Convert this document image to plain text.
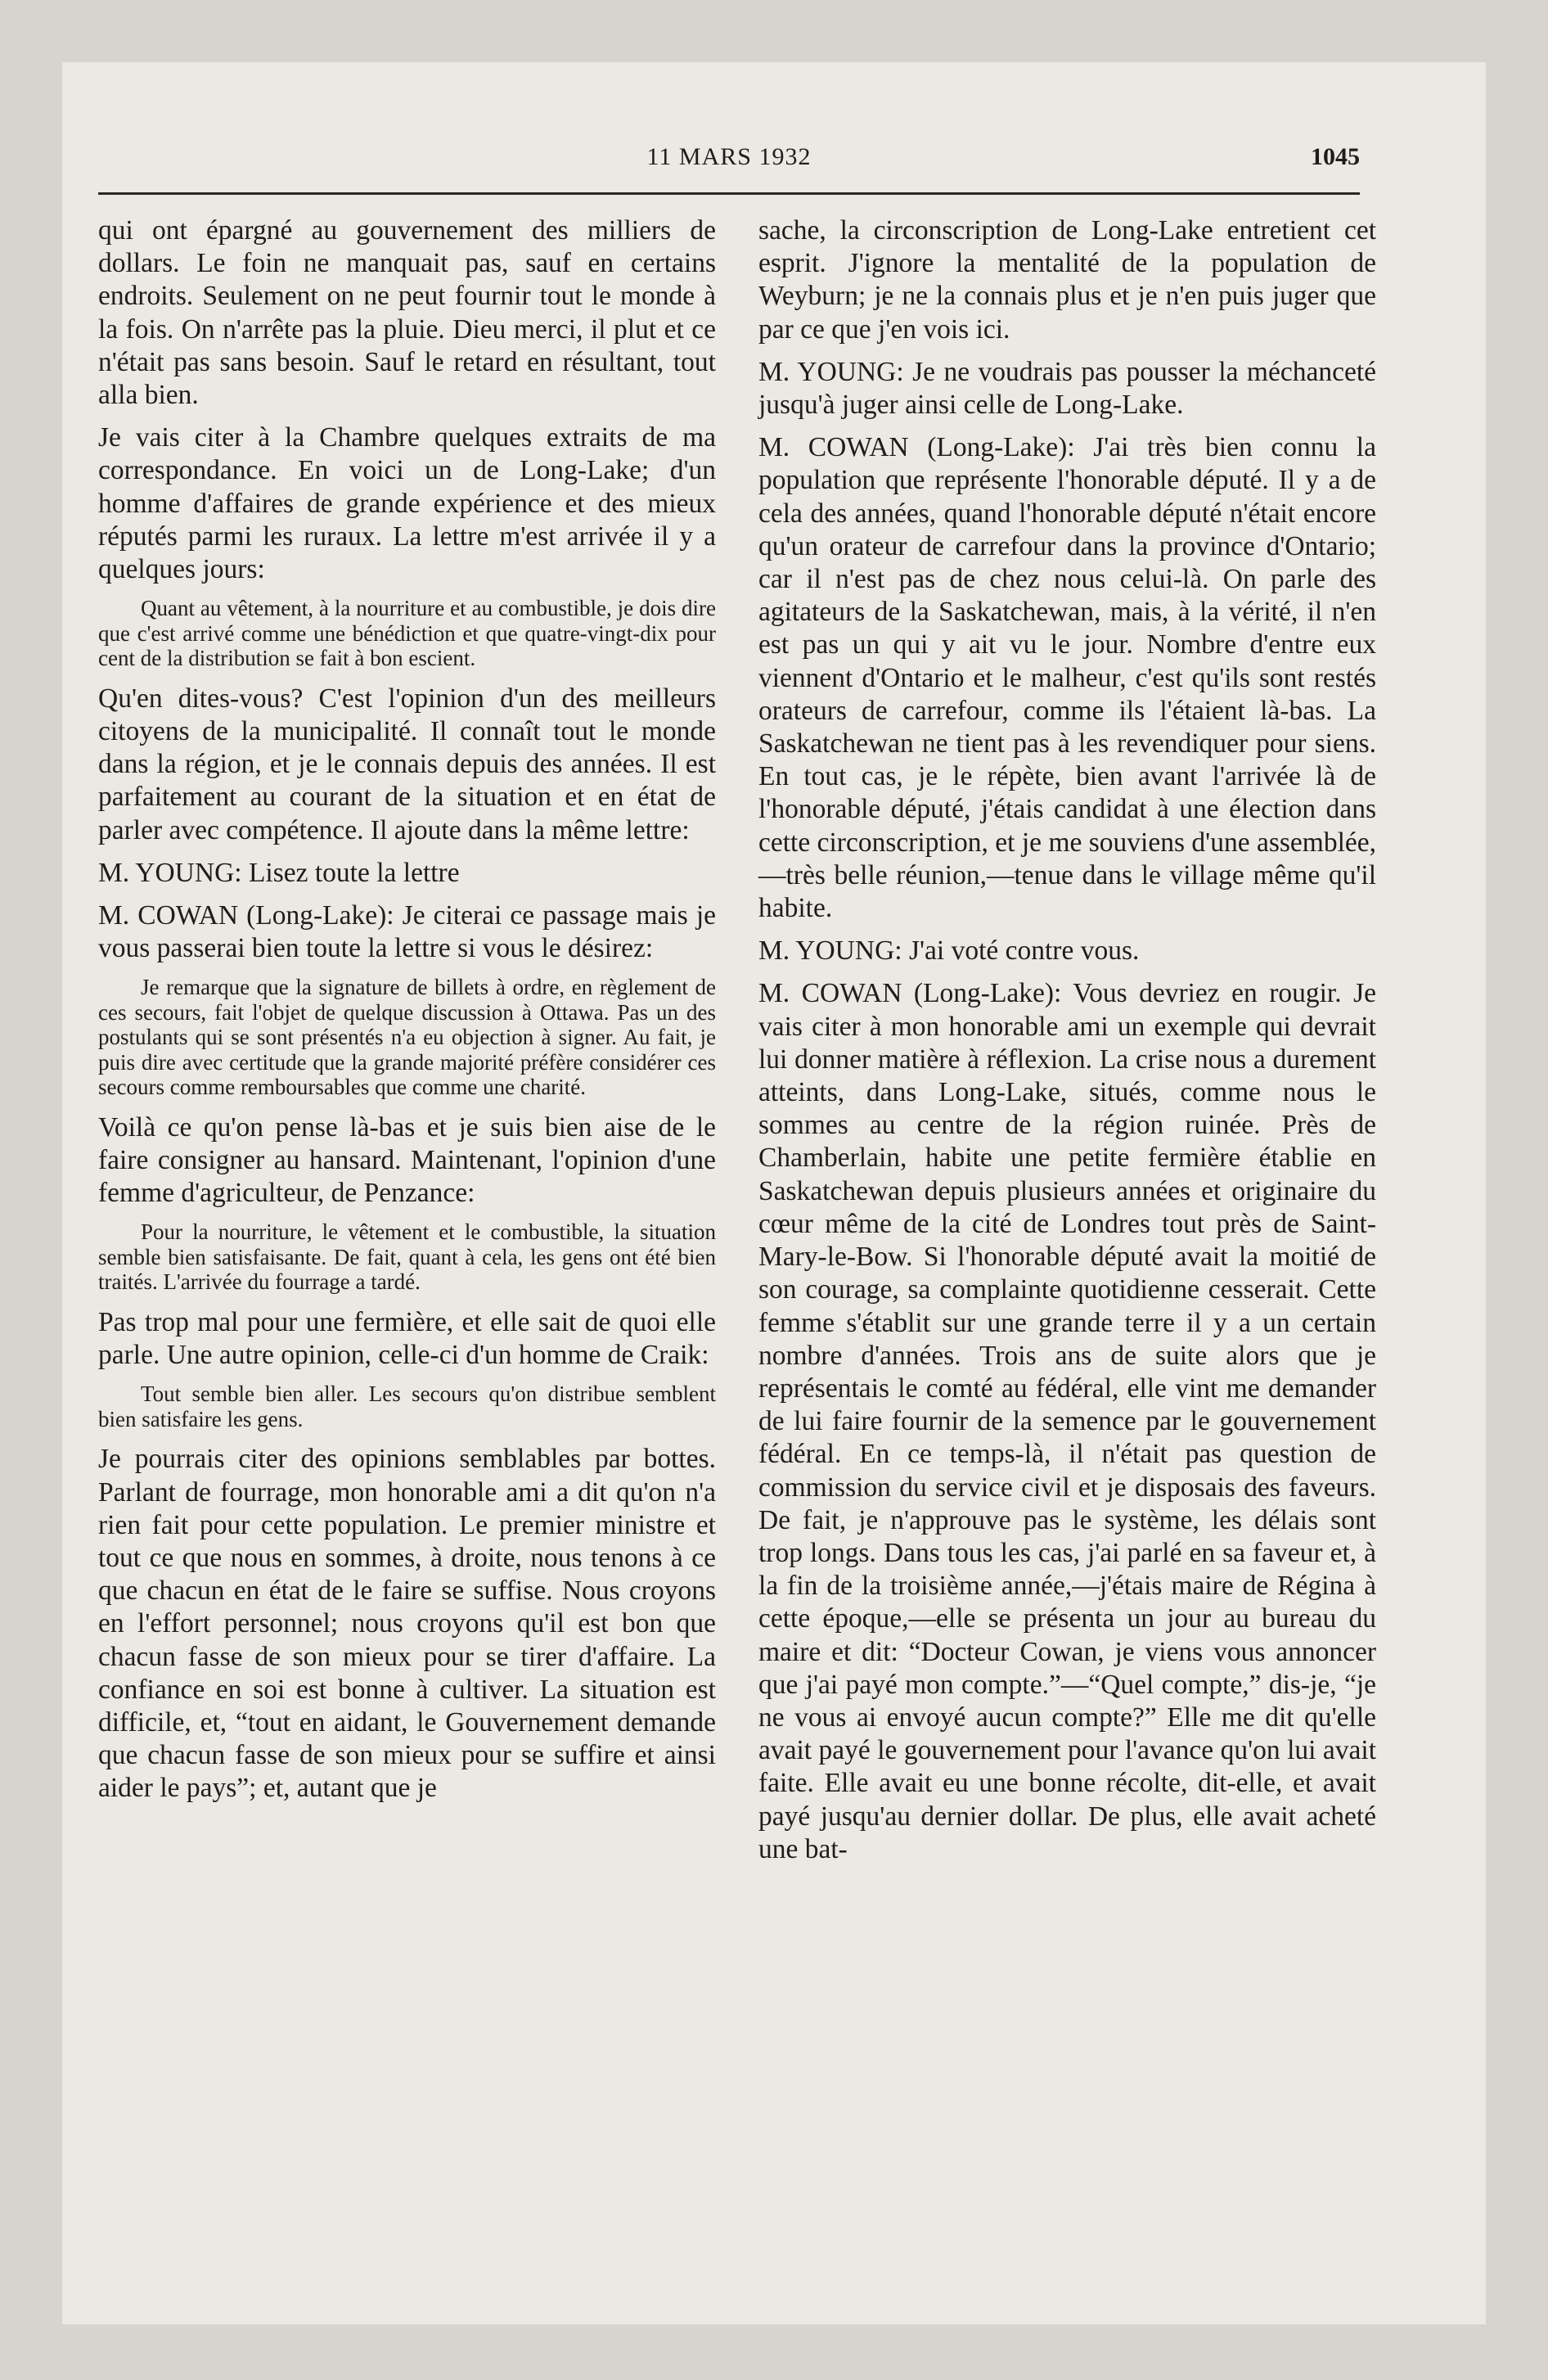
11 MARS 1932	1045

qui ont épargné au gouvernement des milliers de dollars. Le foin ne manquait pas, sauf en certains endroits. Seulement on ne peut fournir tout le monde à la fois. On n'arrête pas la pluie. Dieu merci, il plut et ce n'était pas sans besoin. Sauf le retard en résultant, tout alla bien.

Je vais citer à la Chambre quelques extraits de ma correspondance. En voici un de Long-Lake; d'un homme d'affaires de grande expérience et des mieux réputés parmi les ruraux. La lettre m'est arrivée il y a quelques jours:

Quant au vêtement, à la nourriture et au combustible, je dois dire que c'est arrivé comme une bénédiction et que quatre-vingt-dix pour cent de la distribution se fait à bon escient.

Qu'en dites-vous? C'est l'opinion d'un des meilleurs citoyens de la municipalité. Il connaît tout le monde dans la région, et je le connais depuis des années. Il est parfaitement au courant de la situation et en état de parler avec compétence. Il ajoute dans la même lettre:

M. YOUNG: Lisez toute la lettre

M. COWAN (Long-Lake): Je citerai ce passage mais je vous passerai bien toute la lettre si vous le désirez:

Je remarque que la signature de billets à ordre, en règlement de ces secours, fait l'objet de quelque discussion à Ottawa. Pas un des postulants qui se sont présentés n'a eu objection à signer. Au fait, je puis dire avec certitude que la grande majorité préfère considérer ces secours comme remboursables que comme une charité.

Voilà ce qu'on pense là-bas et je suis bien aise de le faire consigner au hansard. Maintenant, l'opinion d'une femme d'agriculteur, de Penzance:

Pour la nourriture, le vêtement et le combustible, la situation semble bien satisfaisante. De fait, quant à cela, les gens ont été bien traités. L'arrivée du fourrage a tardé.

Pas trop mal pour une fermière, et elle sait de quoi elle parle. Une autre opinion, celle-ci d'un homme de Craik:

Tout semble bien aller. Les secours qu'on distribue semblent bien satisfaire les gens.

Je pourrais citer des opinions semblables par bottes. Parlant de fourrage, mon honorable ami a dit qu'on n'a rien fait pour cette population. Le premier ministre et tout ce que nous en sommes, à droite, nous tenons à ce que chacun en état de le faire se suffise. Nous croyons en l'effort personnel; nous croyons qu'il est bon que chacun fasse de son mieux pour se tirer d'affaire. La confiance en soi est bonne à cultiver. La situation est difficile, et, “tout en aidant, le Gouvernement demande que chacun fasse de son mieux pour se suffire et ainsi aider le pays”; et, autant que je

sache, la circonscription de Long-Lake entretient cet esprit. J'ignore la mentalité de la population de Weyburn; je ne la connais plus et je n'en puis juger que par ce que j'en vois ici.

M. YOUNG: Je ne voudrais pas pousser la méchanceté jusqu'à juger ainsi celle de Long-Lake.

M. COWAN (Long-Lake): J'ai très bien connu la population que représente l'honorable député. Il y a de cela des années, quand l'honorable député n'était encore qu'un orateur de carrefour dans la province d'Ontario; car il n'est pas de chez nous celui-là. On parle des agitateurs de la Saskatchewan, mais, à la vérité, il n'en est pas un qui y ait vu le jour. Nombre d'entre eux viennent d'Ontario et le malheur, c'est qu'ils sont restés orateurs de carrefour, comme ils l'étaient là-bas. La Saskatchewan ne tient pas à les revendiquer pour siens. En tout cas, je le répète, bien avant l'arrivée là de l'honorable député, j'étais candidat à une élection dans cette circonscription, et je me souviens d'une assemblée,—très belle réunion,—tenue dans le village même qu'il habite.

M. YOUNG: J'ai voté contre vous.

M. COWAN (Long-Lake): Vous devriez en rougir. Je vais citer à mon honorable ami un exemple qui devrait lui donner matière à réflexion. La crise nous a durement atteints, dans Long-Lake, situés, comme nous le sommes au centre de la région ruinée. Près de Chamberlain, habite une petite fermière établie en Saskatchewan depuis plusieurs années et originaire du cœur même de la cité de Londres tout près de Saint-Mary-le-Bow. Si l'honorable député avait la moitié de son courage, sa complainte quotidienne cesserait. Cette femme s'établit sur une grande terre il y a un certain nombre d'années. Trois ans de suite alors que je représentais le comté au fédéral, elle vint me demander de lui faire fournir de la semence par le gouvernement fédéral. En ce temps-là, il n'était pas question de commission du service civil et je disposais des faveurs. De fait, je n'approuve pas le système, les délais sont trop longs. Dans tous les cas, j'ai parlé en sa faveur et, à la fin de la troisième année,—j'étais maire de Régina à cette époque,—elle se présenta un jour au bureau du maire et dit: “Docteur Cowan, je viens vous annoncer que j'ai payé mon compte.”—“Quel compte,” dis-je, “je ne vous ai envoyé aucun compte?” Elle me dit qu'elle avait payé le gouvernement pour l'avance qu'on lui avait faite. Elle avait eu une bonne récolte, dit-elle, et avait payé jusqu'au dernier dollar. De plus, elle avait acheté une bat-
